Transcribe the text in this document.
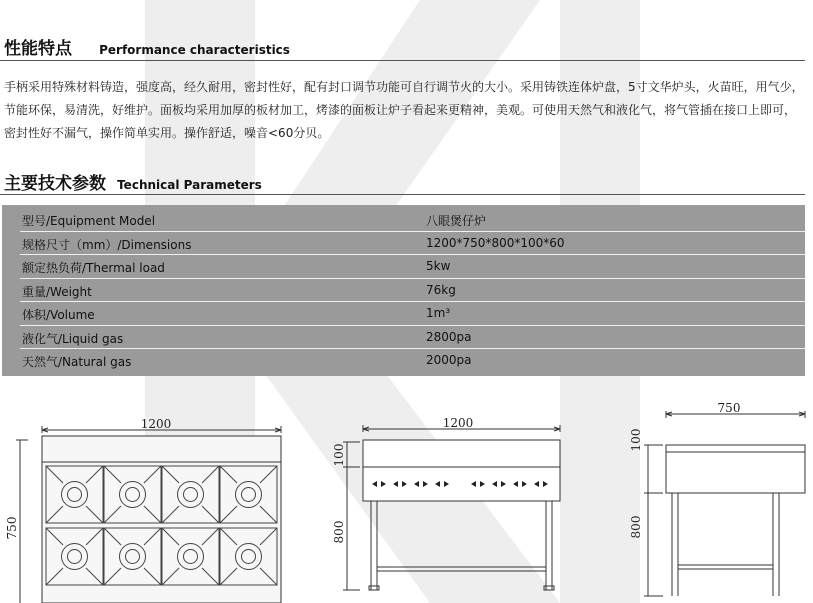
性能特点 Performance characteristics
手柄采用特殊材料铸造，强度高，经久耐用，密封性好，配有封口调节功能可自行调节火的大小。采用铸铁连体炉盘，5寸文华炉头，火苗旺，用气少，节能环保，易清洗，好维护。面板均采用加厚的板材加工，烤漆的面板让炉子看起来更精神，美观。可使用天然气和液化气，将气管插在接口上即可，密封性好不漏气，操作简单实用。操作舒适，噪音<60分贝。
主要技术参数 Technical Parameters
型号/Equipment Model	八眼煲仔炉
规格尺寸（mm）/Dimensions	1200*750*800*100*60
额定热负荷/Thermal load	5kw
重量/Weight	76kg
体积/Volume	1m³
液化气/Liquid gas	2800pa
天然气/Natural gas	2000pa
1200
750
1200
100
800
750
100
800
